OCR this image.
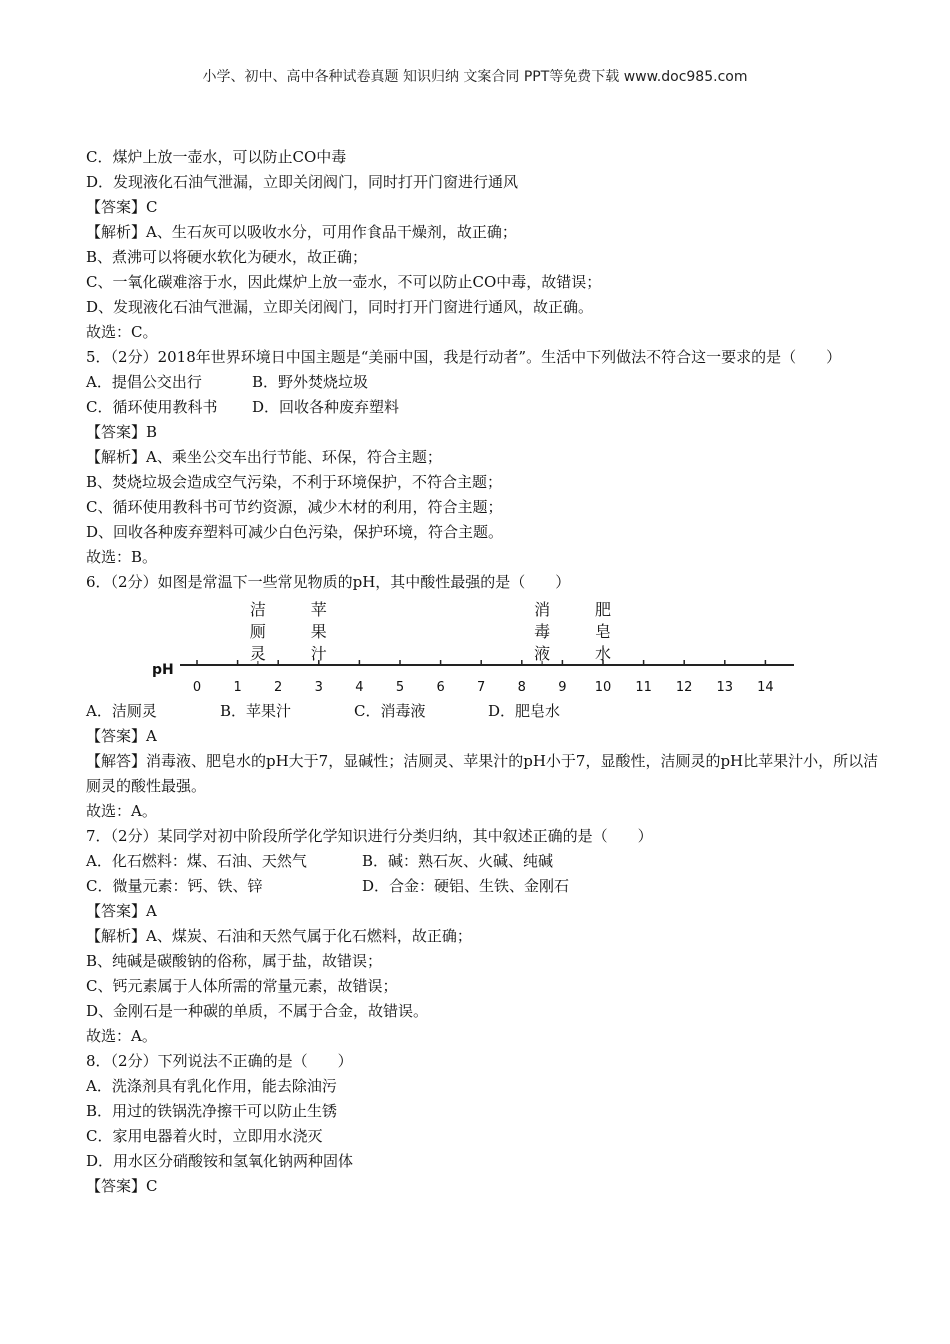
小学、初中、高中各种试卷真题 知识归纳 文案合同 PPT等免费下载 www.doc985.com
C．煤炉上放一壶水，可以防止CO中毒
D．发现液化石油气泄漏，立即关闭阀门，同时打开门窗进行通风
【答案】C
【解析】A、生石灰可以吸收水分，可用作食品干燥剂，故正确；
B、煮沸可以将硬水软化为硬水，故正确；
C、一氧化碳难溶于水，因此煤炉上放一壶水，不可以防止CO中毒，故错误；
D、发现液化石油气泄漏，立即关闭阀门，同时打开门窗进行通风，故正确。
故选：C。
5．（2分）2018年世界环境日中国主题是“美丽中国，我是行动者”。生活中下列做法不符合这一要求的是（　　）
A．提倡公交出行	B．野外焚烧垃圾
C．循环使用教科书 D．回收各种废弃塑料
【答案】B
【解析】A、乘坐公交车出行节能、环保，符合主题；
B、焚烧垃圾会造成空气污染，不利于环境保护，不符合主题；
C、循环使用教科书可节约资源，减少木材的利用，符合主题；
D、回收各种废弃塑料可减少白色污染，保护环境，符合主题。
故选：B。
6．（2分）如图是常温下一些常见物质的pH，其中酸性最强的是（　　）
pH
0	1	2	3	4	5	6	7	8	9	10	11	12	13	14
洁
厕
灵
苹
果
汁
消
毒
液
肥
皂
水
A．洁厕灵	B．苹果汁	C．消毒液	D．肥皂水
【答案】A
【解答】消毒液、肥皂水的pH大于7，显碱性；洁厕灵、苹果汁的pH小于7，显酸性，洁厕灵的pH比苹果汁小，所以洁厕灵的酸性最强。
故选：A。
7．（2分）某同学对初中阶段所学化学知识进行分类归纳，其中叙述正确的是（　　）
A．化石燃料：煤、石油、天然气	B．碱：熟石灰、火碱、纯碱
C．微量元素：钙、铁、锌	D．合金：硬铝、生铁、金刚石
【答案】A
【解析】A、煤炭、石油和天然气属于化石燃料，故正确；
B、纯碱是碳酸钠的俗称，属于盐，故错误；
C、钙元素属于人体所需的常量元素，故错误；
D、金刚石是一种碳的单质，不属于合金，故错误。
故选：A。
8．（2分）下列说法不正确的是（　　）
A．洗涤剂具有乳化作用，能去除油污
B．用过的铁锅洗净擦干可以防止生锈
C．家用电器着火时，立即用水浇灭
D．用水区分硝酸铵和氢氧化钠两种固体
【答案】C
